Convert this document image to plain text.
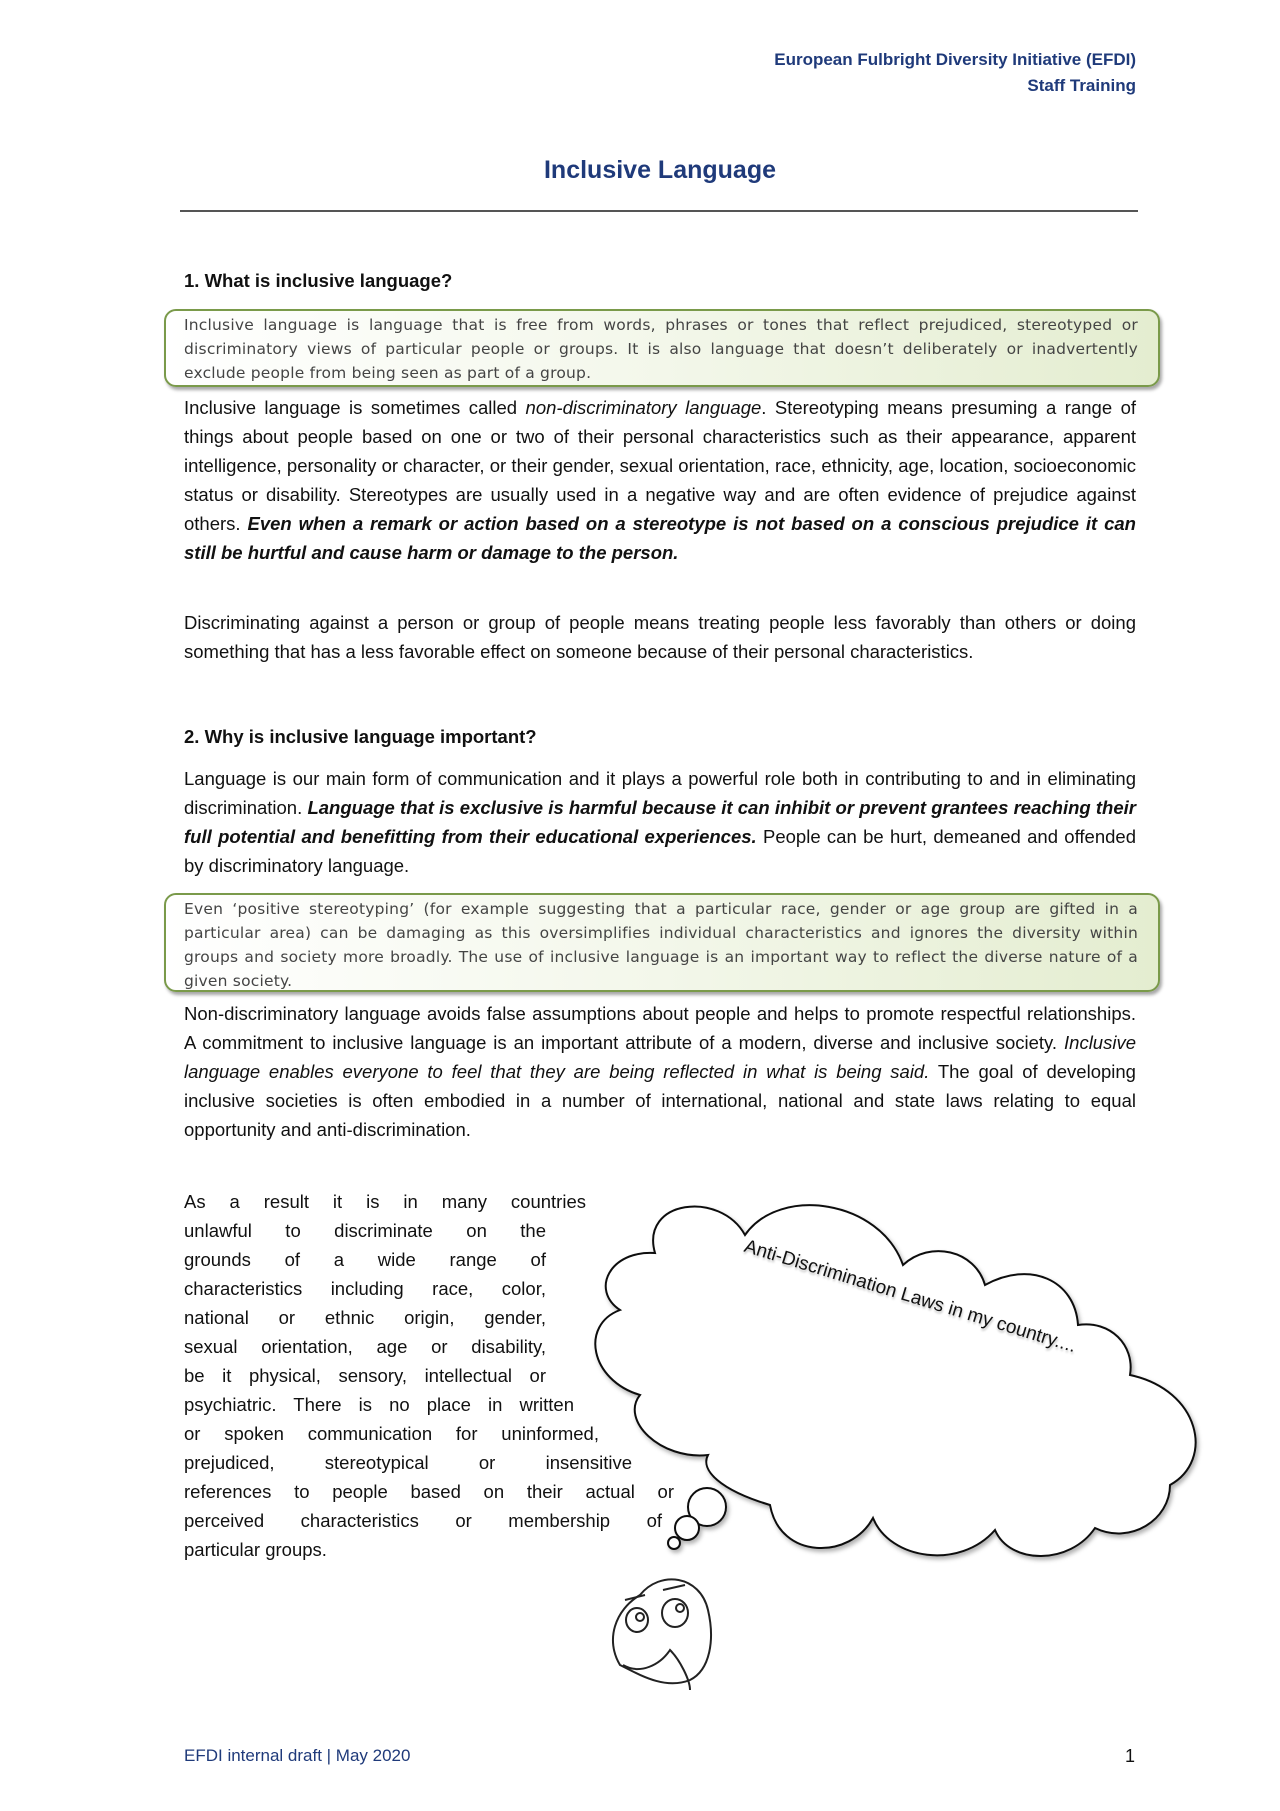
European Fulbright Diversity Initiative (EFDI)
Staff Training
Inclusive Language
1. What is inclusive language?
Inclusive language is language that is free from words, phrases or tones that reflect prejudiced, stereotyped or discriminatory views of particular people or groups. It is also language that doesn’t deliberately or inadvertently exclude people from being seen as part of a group.
Inclusive language is sometimes called non-discriminatory language. Stereotyping means presuming a range of things about people based on one or two of their personal characteristics such as their appearance, apparent intelligence, personality or character, or their gender, sexual orientation, race, ethnicity, age, location, socioeconomic status or disability. Stereotypes are usually used in a negative way and are often evidence of prejudice against others. Even when a remark or action based on a stereotype is not based on a conscious prejudice it can still be hurtful and cause harm or damage to the person.
Discriminating against a person or group of people means treating people less favorably than others or doing something that has a less favorable effect on someone because of their personal characteristics.
2. Why is inclusive language important?
Language is our main form of communication and it plays a powerful role both in contributing to and in eliminating discrimination. Language that is exclusive is harmful because it can inhibit or prevent grantees reaching their full potential and benefitting from their educational experiences. People can be hurt, demeaned and offended by discriminatory language.
Even ‘positive stereotyping’ (for example suggesting that a particular race, gender or age group are gifted in a particular area) can be damaging as this oversimplifies individual characteristics and ignores the diversity within groups and society more broadly. The use of inclusive language is an important way to reflect the diverse nature of a given society.
Non-discriminatory language avoids false assumptions about people and helps to promote respectful relationships. A commitment to inclusive language is an important attribute of a modern, diverse and inclusive society. Inclusive language enables everyone to feel that they are being reflected in what is being said. The goal of developing inclusive societies is often embodied in a number of international, national and state laws relating to equal opportunity and anti-discrimination.
As a result it is in many countries
unlawful to discriminate on the
grounds of a wide range of
characteristics including race, color,
national or ethnic origin, gender,
sexual orientation, age or disability,
be it physical, sensory, intellectual or
psychiatric. There is no place in written
or spoken communication for uninformed,
prejudiced, stereotypical or insensitive
references to people based on their actual or
perceived characteristics or membership of
particular groups.
Anti-Discrimination Laws in my country....
EFDI internal draft | May 2020	1
